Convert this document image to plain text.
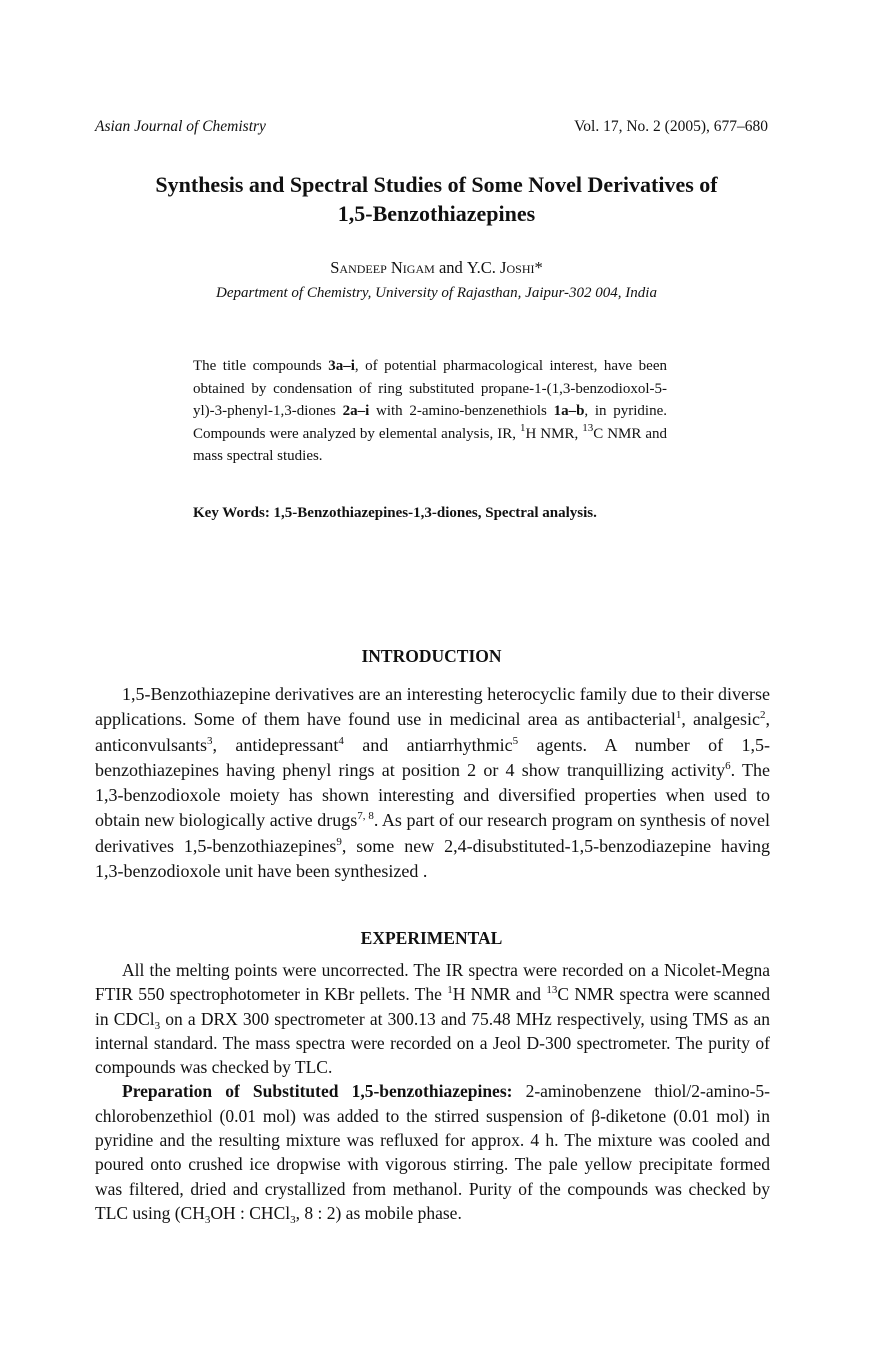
Asian Journal of Chemistry	Vol. 17, No. 2 (2005), 677–680
Synthesis and Spectral Studies of Some Novel Derivatives of
1,5-Benzothiazepines
Sandeep Nigam and Y.C. Joshi*
Department of Chemistry, University of Rajasthan, Jaipur-302 004, India
The title compounds 3a–i, of potential pharmacological interest, have been obtained by condensation of ring substituted propane-1-(1,3-benzodioxol-5-yl)-3-phenyl-1,3-diones 2a–i with 2-amino-benzenethiols 1a–b, in pyridine. Compounds were analyzed by elemental analysis, IR, $^1$H NMR, $^{13}$C NMR and mass spectral studies.
Key Words: 1,5-Benzothiazepines-1,3-diones, Spectral analysis.
INTRODUCTION

1,5-Benzothiazepine derivatives are an interesting heterocyclic family due to their diverse applications. Some of them have found use in medicinal area as antibacterial$^1$, analgesic$^2$, anticonvulsants$^3$, antidepressant$^4$ and antiarrhythmic$^5$ agents. A number of 1,5-benzothiazepines having phenyl rings at position 2 or 4 show tranquillizing activity$^6$. The 1,3-benzodioxole moiety has shown interesting and diversified properties when used to obtain new biologically active drugs$^{7, 8}$. As part of our research program on synthesis of novel derivatives 1,5-benzothiazepines$^9$, some new 2,4-disubstituted-1,5-benzodiazepine having 1,3-benzodioxole unit have been synthesized .

EXPERIMENTAL

All the melting points were uncorrected. The IR spectra were recorded on a Nicolet-Megna FTIR 550 spectrophotometer in KBr pellets. The $^1$H NMR and $^{13}$C NMR spectra were scanned in CDCl$_3$ on a DRX 300 spectrometer at 300.13 and 75.48 MHz respectively, using TMS as an internal standard. The mass spectra were recorded on a Jeol D-300 spectrometer. The purity of compounds was checked by TLC.

Preparation of Substituted 1,5-benzothiazepines: 2-aminobenzene thiol/2-amino-5-chlorobenzethiol (0.01 mol) was added to the stirred suspension of β-diketone (0.01 mol) in pyridine and the resulting mixture was refluxed for approx. 4 h. The mixture was cooled and poured onto crushed ice dropwise with vigorous stirring. The pale yellow precipitate formed was filtered, dried and crystallized from methanol. Purity of the compounds was checked by TLC using ($CH_3OH$ : CHCl$_3$, 8 : 2) as mobile phase.
